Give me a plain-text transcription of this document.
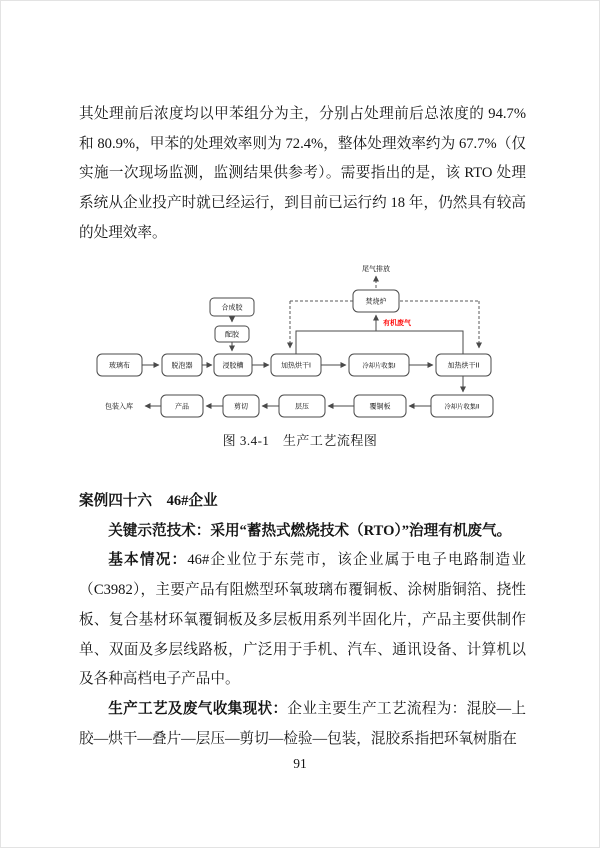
其处理前后浓度均以甲苯组分为主，分别占处理前后总浓度的 94.7%和 80.9%，甲苯的处理效率则为 72.4%，整体处理效率约为 67.7%（仅实施一次现场监测，监测结果供参考）。需要指出的是，该 RTO 处理系统从企业投产时就已经运行，到目前已运行约 18 年，仍然具有较高的处理效率。

焚烧炉
合成胶
配胶
玻璃布	脱泡器	浸胶槽	加热烘干I	冷却片收集I	加热烘干II
冷却片收集II
覆铜板
层压
剪切
产品
尾气排放
有机废气
包装入库
图 3.4-1　生产工艺流程图

案例四十六　46#企业

关键示范技术：采用“蓄热式燃烧技术（RTO）”治理有机废气。

基本情况：46#企业位于东莞市，该企业属于电子电路制造业（C3982），主要产品有阻燃型环氧玻璃布覆铜板、涂树脂铜箔、挠性板、复合基材环氧覆铜板及多层板用系列半固化片，产品主要供制作单、双面及多层线路板，广泛用于手机、汽车、通讯设备、计算机以及各种高档电子产品中。

生产工艺及废气收集现状：企业主要生产工艺流程为：混胶—上胶—烘干—叠片—层压—剪切—检验—包装，混胶系指把环氧树脂在

91
